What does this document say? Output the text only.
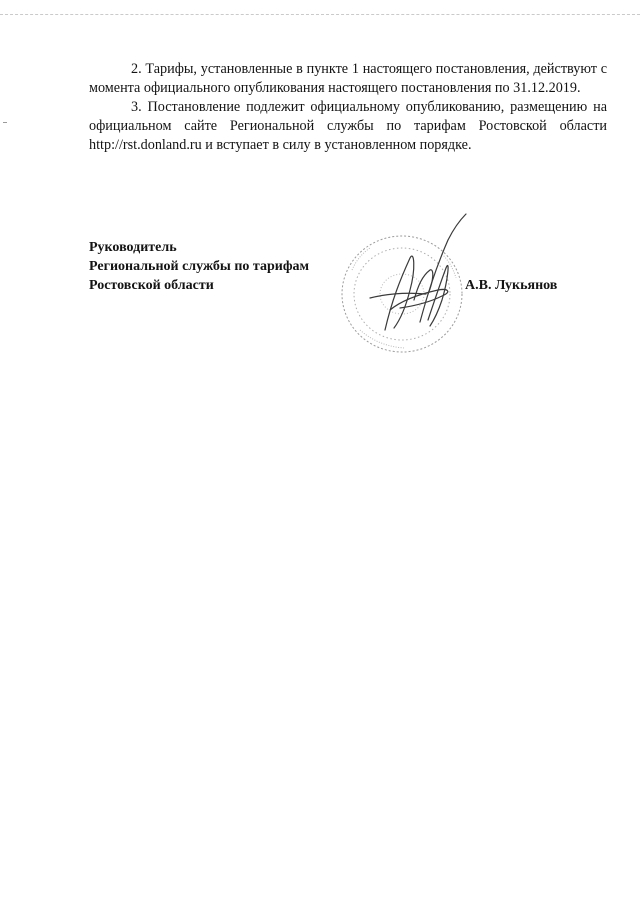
2. Тарифы, установленные в пункте 1 настоящего постановления, действуют с момента официального опубликования настоящего постановления по 31.12.2019.

3. Постановление подлежит официальному опубликованию, размещению на официальном сайте Региональной службы по тарифам Ростовской области http://rst.donland.ru и вступает в силу в установленном порядке.

Руководитель
Региональной службы по тарифам
Ростовской области	А.В. Лукьянов
